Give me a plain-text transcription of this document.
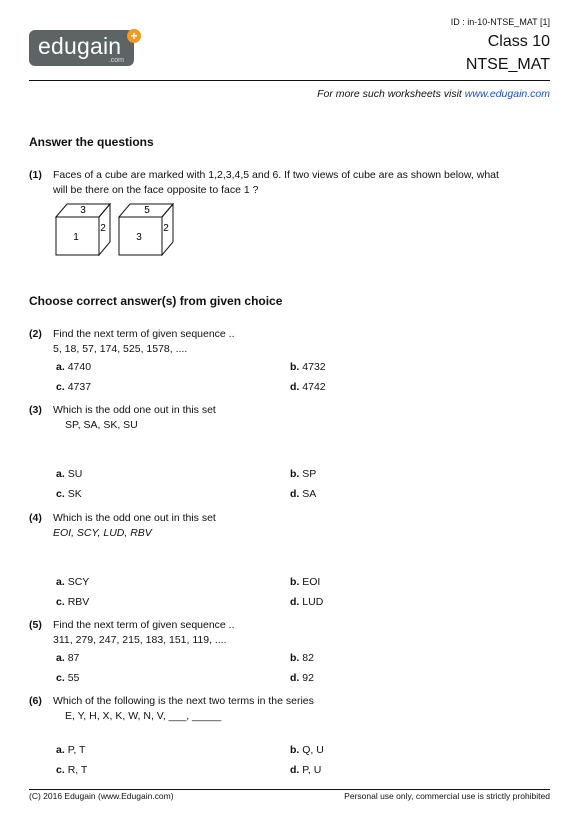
edugain
.com
+
ID : in-10-NTSE_MAT [1]
Class 10
NTSE_MAT
For more such worksheets visit www.edugain.com
Answer the questions
(1) Faces of a cube are marked with 1,2,3,4,5 and 6. If two views of cube are as shown below, what
will be there on the face opposite to face 1 ?
3
1
2
5
3
2
Choose correct answer(s) from given choice
(2) Find the next term of given sequence ..
5, 18, 57, 174, 525, 1578, ....
a. 4740	b. 4732
c. 4737	d. 4742
(3) Which is the odd one out in this set
SP, SA, SK, SU
a. SU	b. SP
c. SK	d. SA
(4) Which is the odd one out in this set
EOI, SCY, LUD, RBV
a. SCY	b. EOI
c. RBV	d. LUD
(5) Find the next term of given sequence ..
311, 279, 247, 215, 183, 151, 119, ....
a. 87	b. 82
c. 55	d. 92
(6) Which of the following is the next two terms in the series
E, Y, H, X, K, W, N, V, ___, _____
a. P, T	b. Q, U
c. R, T	d. P, U
(C) 2016 Edugain (www.Edugain.com)	Personal use only, commercial use is strictly prohibited
